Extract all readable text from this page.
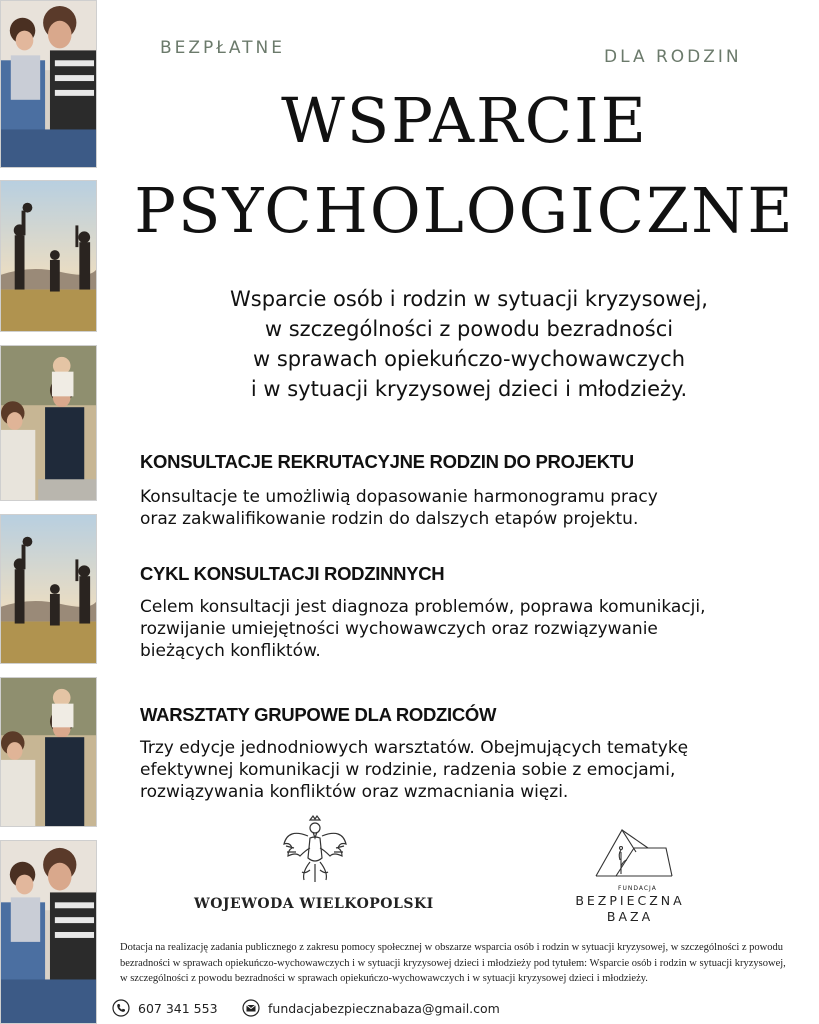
BEZPŁATNE	DLA RODZIN
WSPARCIE
PSYCHOLOGICZNE
Wsparcie osób i rodzin w sytuacji kryzysowej,
w szczególności z powodu bezradności
w sprawach opiekuńczo-wychowawczych
i w sytuacji kryzysowej dzieci i młodzieży.
KONSULTACJE REKRUTACYJNE RODZIN DO PROJEKTU
Konsultacje te umożliwią dopasowanie harmonogramu pracy
oraz zakwalifikowanie rodzin do dalszych etapów projektu.
CYKL KONSULTACJI RODZINNYCH
Celem konsultacji jest diagnoza problemów, poprawa komunikacji,
rozwijanie umiejętności wychowawczych oraz rozwiązywanie
bieżących konfliktów.
WARSZTATY GRUPOWE DLA RODZICÓW
Trzy edycje jednodniowych warsztatów. Obejmujących tematykę
efektywnej komunikacji w rodzinie, radzenia sobie z emocjami,
rozwiązywania konfliktów oraz wzmacniania więzi.
WOJEWODA WIELKOPOLSKI
FUNDACJA
BEZPIECZNA
BAZA
Dotacja na realizację zadania publicznego z zakresu pomocy społecznej w obszarze wsparcia osób i rodzin w sytuacji kryzysowej, w szczególności z powodu
bezradności w sprawach opiekuńczo-wychowawczych i w sytuacji kryzysowej dzieci i młodzieży pod tytułem: Wsparcie osób i rodzin w sytuacji kryzysowej,
w szczególności z powodu bezradności w sprawach opiekuńczo-wychowawczych i w sytuacji kryzysowej dzieci i młodzieży.
607 341 553	fundacjabezpiecznabaza@gmail.com
